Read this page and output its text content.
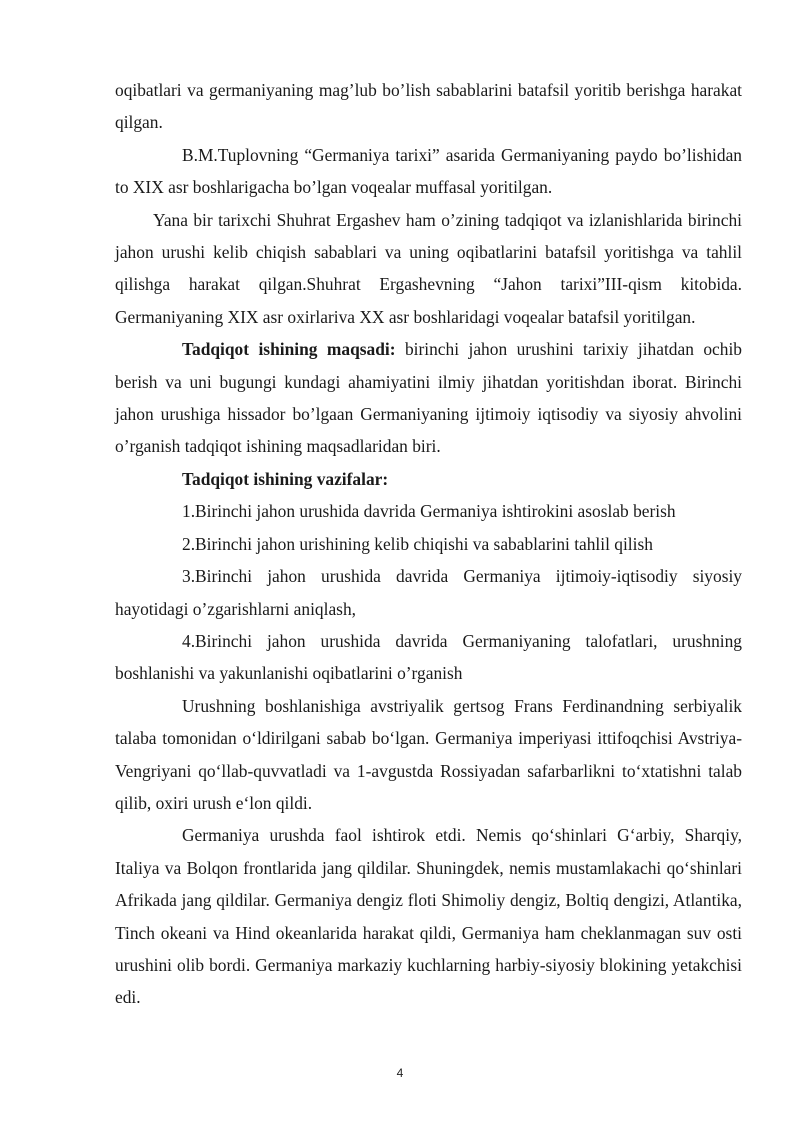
oqibatlari va germaniyaning mag’lub bo’lish sabablarini batafsil yoritib berishga harakat qilgan.

B.M.Tuplovning “Germaniya tarixi” asarida Germaniyaning paydo bo’lishidan to XIX asr boshlarigacha bo’lgan voqealar muffasal yoritilgan.

Yana bir tarixchi Shuhrat Ergashev ham o’zining tadqiqot va izlanishlarida birinchi jahon urushi kelib chiqish sabablari va uning oqibatlarini batafsil yoritishga va tahlil qilishga harakat qilgan.Shuhrat Ergashevning “Jahon tarixi”III-qism kitobida. Germaniyaning XIX asr oxirlariva XX asr boshlaridagi voqealar batafsil yoritilgan.

Tadqiqot ishining maqsadi: birinchi jahon urushini tarixiy jihatdan ochib berish va uni bugungi kundagi ahamiyatini ilmiy jihatdan yoritishdan iborat. Birinchi jahon urushiga hissador bo’lgaan Germaniyaning ijtimoiy iqtisodiy va siyosiy ahvolini o’rganish tadqiqot ishining maqsadlaridan biri.

Tadqiqot ishining vazifalar:

1.Birinchi jahon urushida davrida Germaniya ishtirokini asoslab berish

2.Birinchi jahon urishining kelib chiqishi va sabablarini tahlil qilish

3.Birinchi jahon urushida davrida Germaniya ijtimoiy-iqtisodiy siyosiy hayotidagi o’zgarishlarni aniqlash,

4.Birinchi jahon urushida davrida Germaniyaning talofatlari, urushning boshlanishi va yakunlanishi oqibatlarini o’rganish

Urushning boshlanishiga avstriyalik gertsog Frans Ferdinandning serbiyalik talaba tomonidan o‘ldirilgani sabab bo‘lgan. Germaniya imperiyasi ittifoqchisi Avstriya-Vengriyani qo‘llab-quvvatladi va 1-avgustda Rossiyadan safarbarlikni to‘xtatishni talab qilib, oxiri urush e‘lon qildi.

Germaniya urushda faol ishtirok etdi. Nemis qo‘shinlari G‘arbiy, Sharqiy, Italiya va Bolqon frontlarida jang qildilar. Shuningdek, nemis mustamlakachi qo‘shinlari Afrikada jang qildilar. Germaniya dengiz floti Shimoliy dengiz, Boltiq dengizi, Atlantika, Tinch okeani va Hind okeanlarida harakat qildi, Germaniya ham cheklanmagan suv osti urushini olib bordi. Germaniya markaziy kuchlarning harbiy-siyosiy blokining yetakchisi edi.

4
